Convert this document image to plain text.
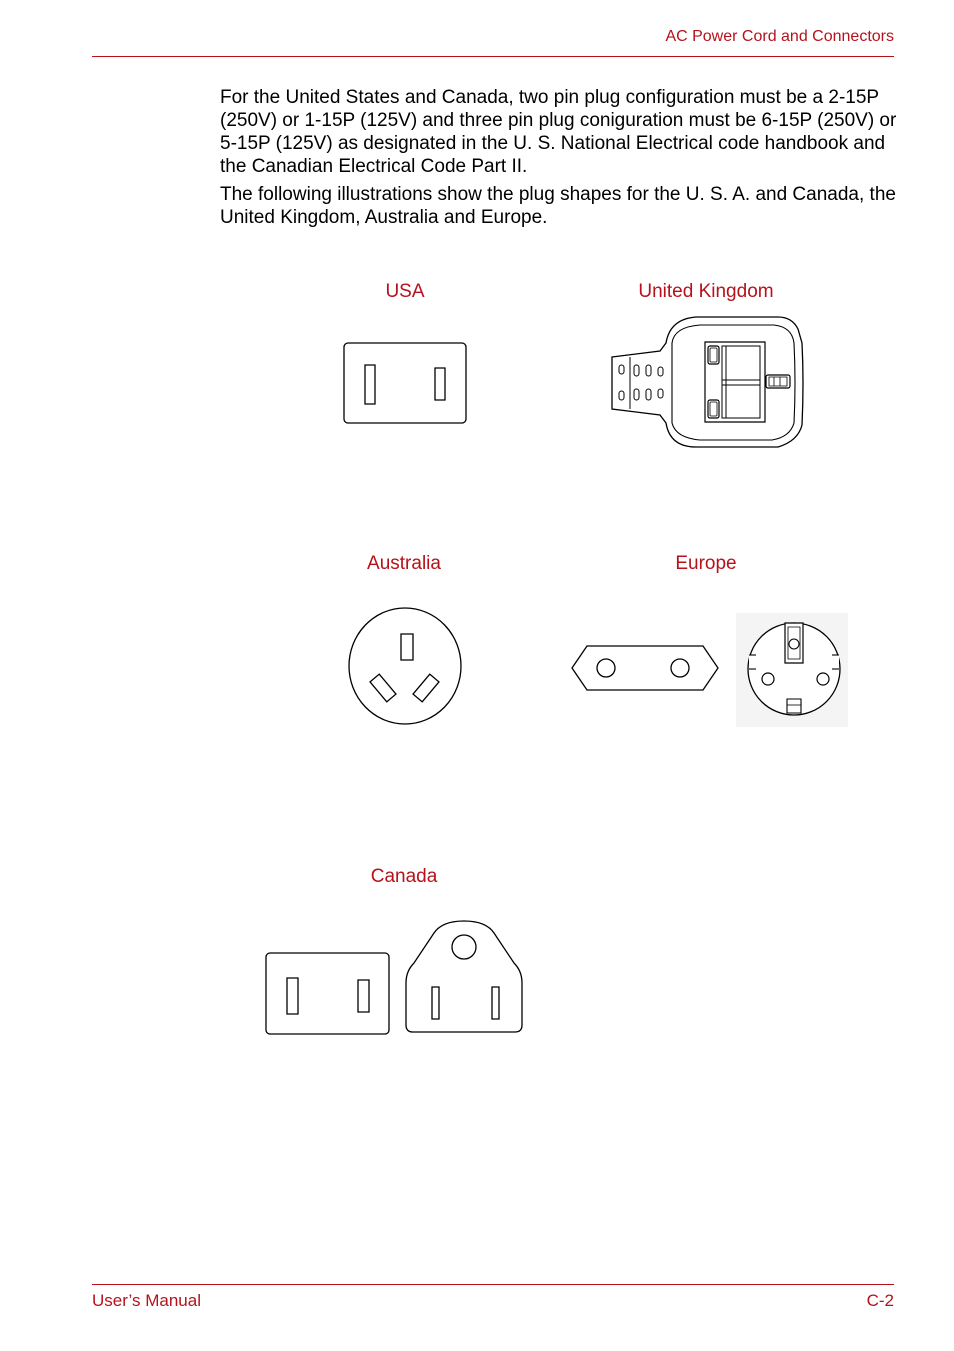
AC Power Cord and Connectors

For the United States and Canada, two pin plug configuration must be a 2-15P (250V) or 1-15P (125V) and three pin plug coniguration must be 6-15P (250V) or 5-15P (125V) as designated in the U. S. National Electrical code handbook and the Canadian Electrical Code Part II.

The following illustrations show the plug shapes for the U. S. A. and Canada, the United Kingdom, Australia and Europe.

USA	United Kingdom
Australia	Europe
Canada
User’s Manual	C-2
